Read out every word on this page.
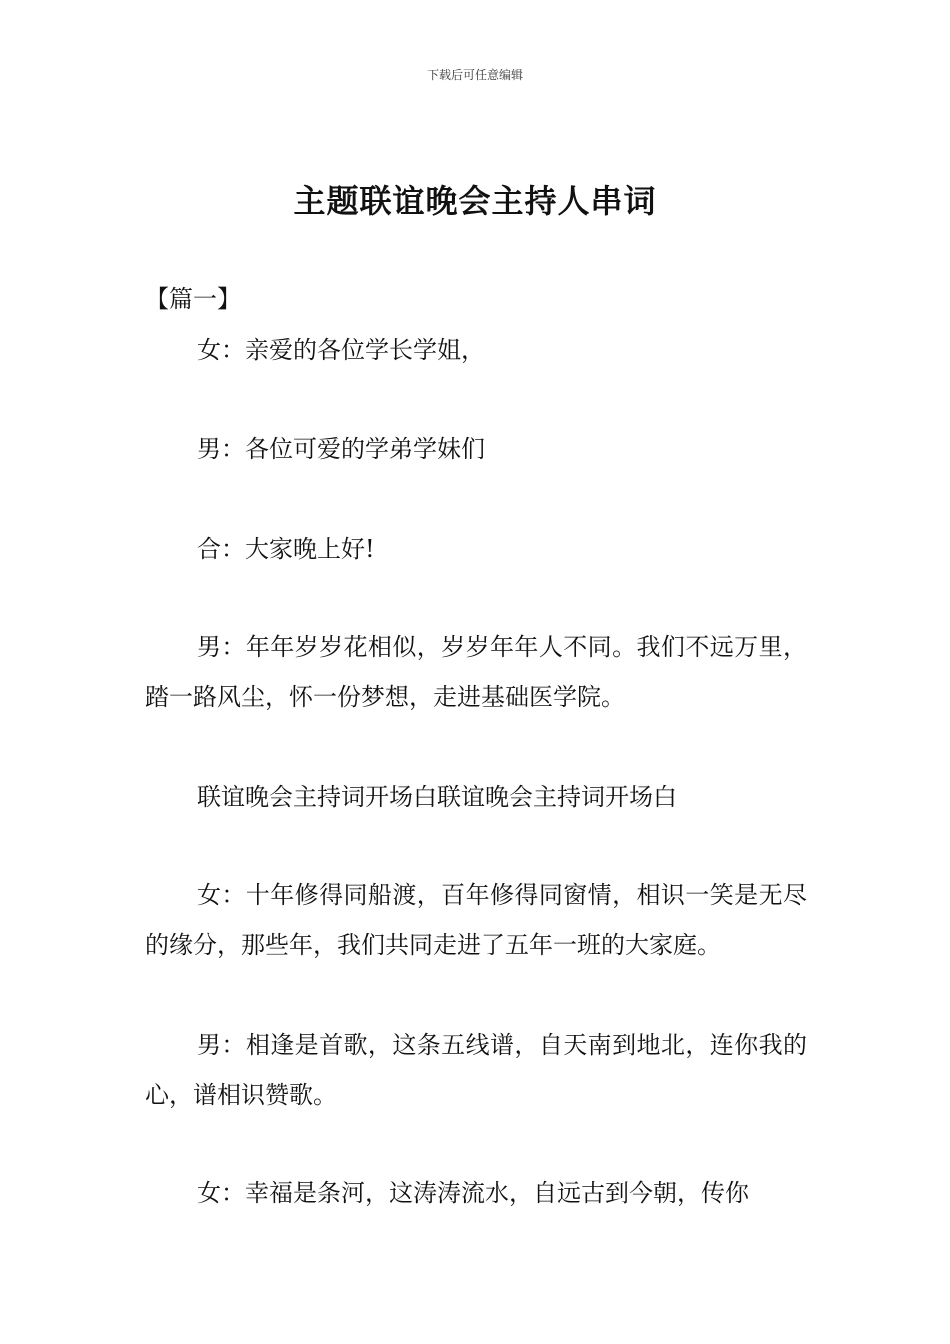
下载后可任意编辑
主题联谊晚会主持人串词
【篇一】
女：亲爱的各位学长学姐，
男：各位可爱的学弟学妹们
合：大家晚上好!
男：年年岁岁花相似，岁岁年年人不同。我们不远万里，踏一路风尘，怀一份梦想，走进基础医学院。
联谊晚会主持词开场白联谊晚会主持词开场白
女：十年修得同船渡，百年修得同窗情，相识一笑是无尽的缘分，那些年，我们共同走进了五年一班的大家庭。
男：相逢是首歌，这条五线谱，自天南到地北，连你我的心，谱相识赞歌。
女：幸福是条河，这涛涛流水，自远古到今朝，传你
